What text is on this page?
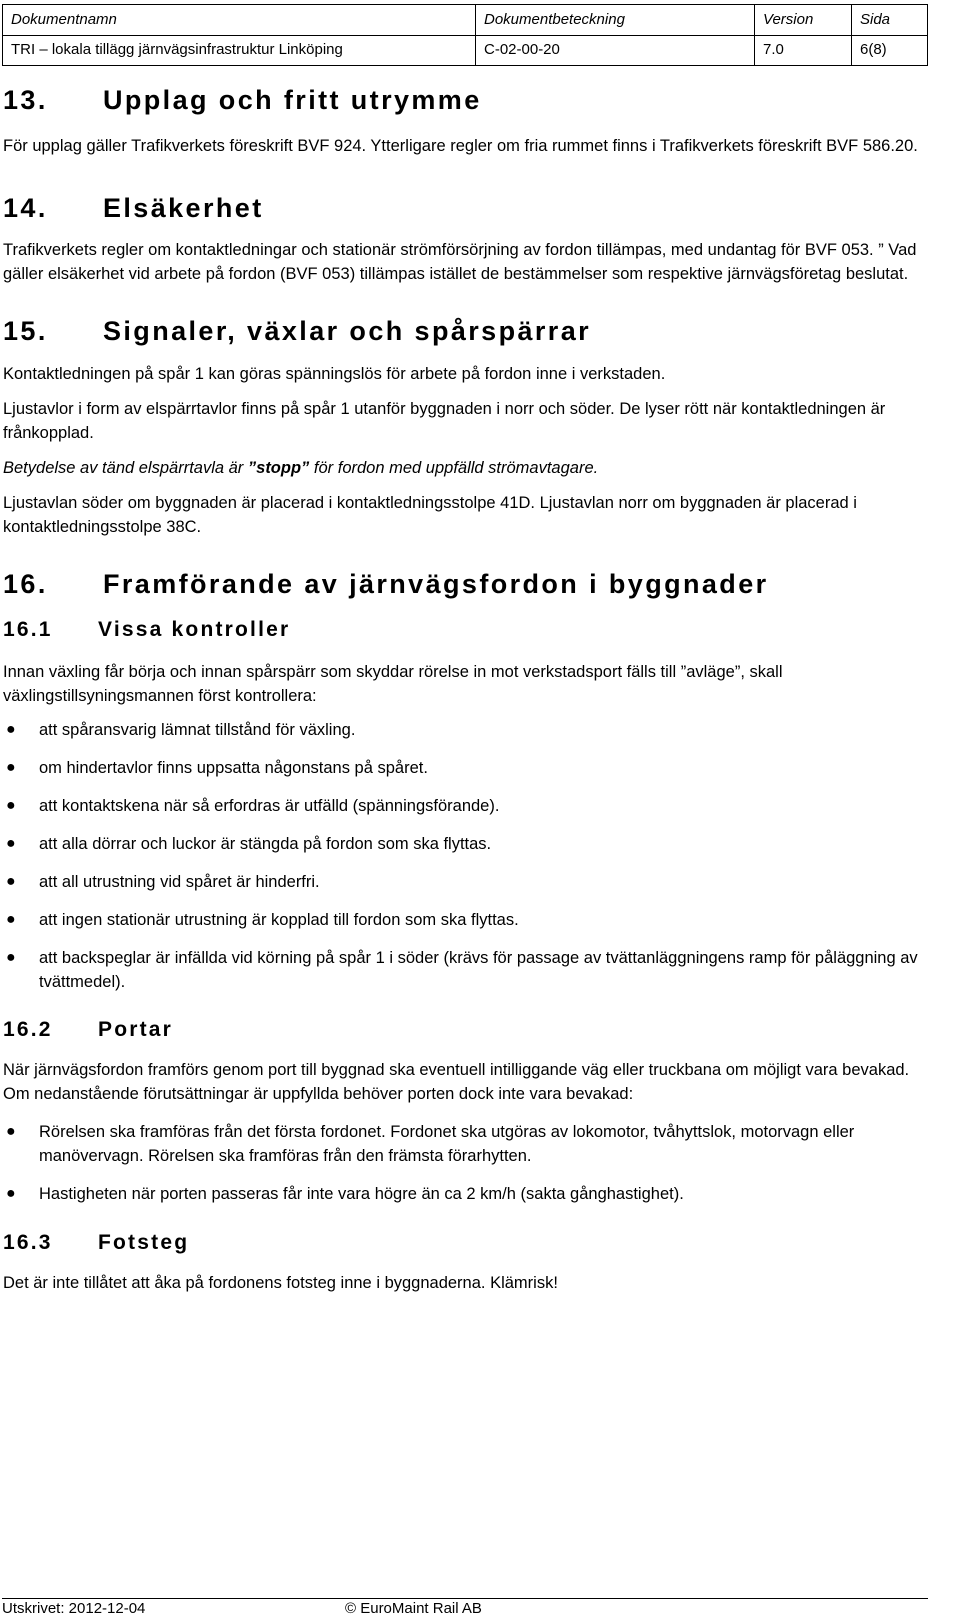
Dokumentnamn	Dokumentbeteckning	Version	Sida
TRI – lokala tillägg järnvägsinfrastruktur Linköping	C-02-00-20	7.0	6(8)
13.	Upplag och fritt utrymme

För upplag gäller Trafikverkets föreskrift BVF 924. Ytterligare regler om fria rummet finns i Trafikverkets föreskrift BVF 586.20.

14.	Elsäkerhet

Trafikverkets regler om kontaktledningar och stationär strömförsörjning av fordon tillämpas, med undantag för BVF 053. ” Vad gäller elsäkerhet vid arbete på fordon (BVF 053) tillämpas istället de bestämmelser som respektive järnvägsföretag beslutat.

15.	Signaler, växlar och spårspärrar

Kontaktledningen på spår 1 kan göras spänningslös för arbete på fordon inne i verkstaden.

Ljustavlor i form av elspärrtavlor finns på spår 1 utanför byggnaden i norr och söder. De lyser rött när kontaktledningen är frånkopplad.

Betydelse av tänd elspärrtavla är ”stopp” för fordon med uppfälld strömavtagare.

Ljustavlan söder om byggnaden är placerad i kontaktledningsstolpe 41D. Ljustavlan norr om byggnaden är placerad i kontaktledningsstolpe 38C.

16.	Framförande av järnvägsfordon i byggnader
16.1	Vissa kontroller

Innan växling får börja och innan spårspärr som skyddar rörelse in mot verkstadsport fälls till ”avläge”, skall växlingstillsyningsmannen först kontrollera:

● att spåransvarig lämnat tillstånd för växling.
● om hindertavlor finns uppsatta någonstans på spåret.
● att kontaktskena när så erfordras är utfälld (spänningsförande).
● att alla dörrar och luckor är stängda på fordon som ska flyttas.
● att all utrustning vid spåret är hinderfri.
● att ingen stationär utrustning är kopplad till fordon som ska flyttas.
● att backspeglar är infällda vid körning på spår 1 i söder (krävs för passage av tvättanläggningens ramp för påläggning av tvättmedel).
16.2	Portar

När järnvägsfordon framförs genom port till byggnad ska eventuell intilliggande väg eller truckbana om möjligt vara bevakad. Om nedanstående förutsättningar är uppfyllda behöver porten dock inte vara bevakad:

● Rörelsen ska framföras från det första fordonet. Fordonet ska utgöras av lokomotor, tvåhyttslok, motorvagn eller manövervagn. Rörelsen ska framföras från den främsta förarhytten.
● Hastigheten när porten passeras får inte vara högre än ca 2 km/h (sakta gånghastighet).
16.3	Fotsteg

Det är inte tillåtet att åka på fordonens fotsteg inne i byggnaderna. Klämrisk!

Utskrivet: 2012-12-04	© EuroMaint Rail AB
